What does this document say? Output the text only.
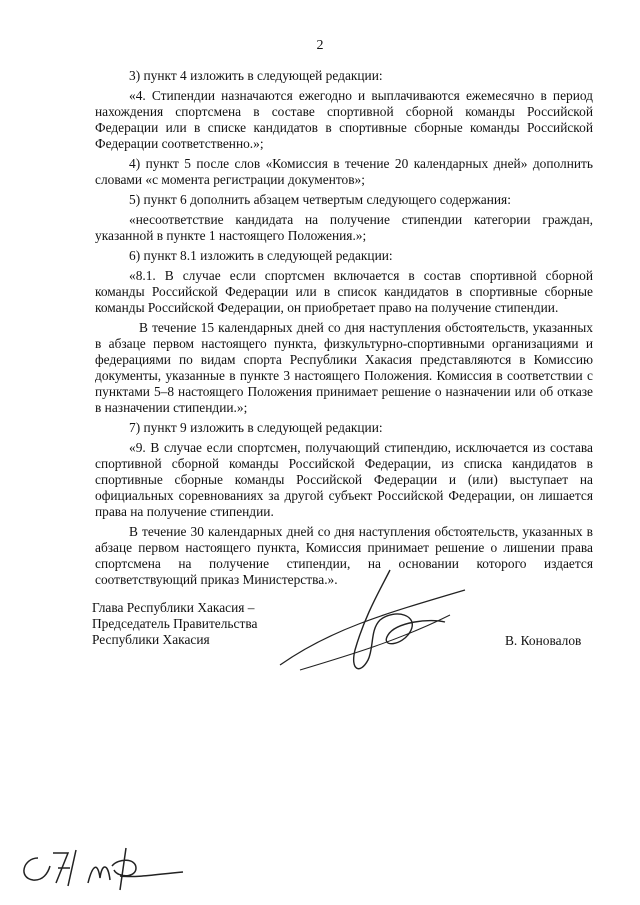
2

3) пункт 4 изложить в следующей редакции:

«4. Стипендии назначаются ежегодно и выплачиваются ежемесячно в период нахождения спортсмена в составе спортивной сборной команды Российской Федерации или в списке кандидатов в спортивные сборные команды Российской Федерации соответственно.»;

4) пункт 5 после слов «Комиссия в течение 20 календарных дней» дополнить словами «с момента регистрации документов»;

5) пункт 6 дополнить абзацем четвертым следующего содержания:

«несоответствие кандидата на получение стипендии категории граждан, указанной в пункте 1 настоящего Положения.»;

6) пункт 8.1 изложить в следующей редакции:

«8.1. В случае если спортсмен включается в состав спортивной сборной команды Российской Федерации или в список кандидатов в спортивные сборные команды Российской Федерации, он приобретает право на получение стипендии.

В течение 15 календарных дней со дня наступления обстоятельств, указанных в абзаце первом настоящего пункта, физкультурно-спортивными организациями и федерациями по видам спорта Республики Хакасия представляются в Комиссию документы, указанные в пункте 3 настоящего Положения. Комиссия в соответствии с пунктами 5–8 настоящего Положения принимает решение о назначении или об отказе в назначении стипендии.»;

7) пункт 9 изложить в следующей редакции:

«9. В случае если спортсмен, получающий стипендию, исключается из состава спортивной сборной команды Российской Федерации, из списка кандидатов в спортивные сборные команды Российской Федерации и (или) выступает на официальных соревнованиях за другой субъект Российской Федерации, он лишается права на получение стипендии.

В течение 30 календарных дней со дня наступления обстоятельств, указанных в абзаце первом настоящего пункта, Комиссия принимает решение о лишении права спортсмена на получение стипендии, на основании которого издается соответствующий приказ Министерства.».

Глава Республики Хакасия –
Председатель Правительства
Республики Хакасия	В. Коновалов
